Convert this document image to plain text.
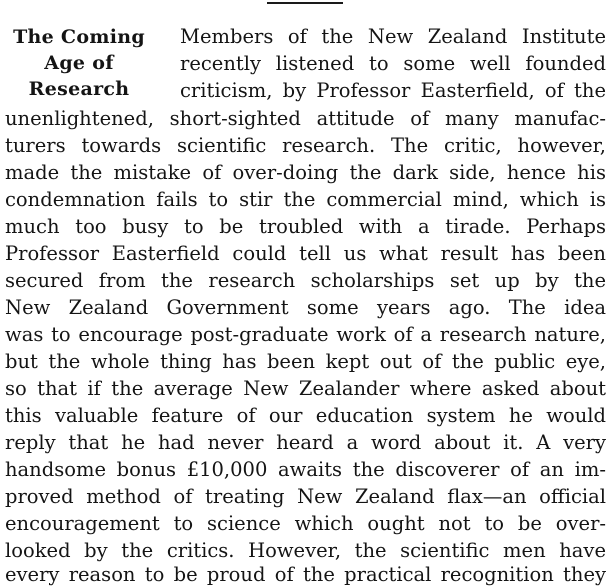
The Coming
Age of
Research
Members of the New Zealand Institute
recently listened to some well founded
criticism, by Professor Easterfield, of the
unenlightened, short-sighted attitude of many manufac-
turers towards scientific research. The critic, however,
made the mistake of over-doing the dark side, hence his
condemnation fails to stir the commercial mind, which is
much too busy to be troubled with a tirade. Perhaps
Professor Easterfield could tell us what result has been
secured from the research scholarships set up by the
New Zealand Government some years ago. The idea
was to encourage post-graduate work of a research nature,
but the whole thing has been kept out of the public eye,
so that if the average New Zealander where asked about
this valuable feature of our education system he would
reply that he had never heard a word about it. A very
handsome bonus £10,000 awaits the discoverer of an im-
proved method of treating New Zealand flax—an official
encouragement to science which ought not to be over-
looked by the critics. However, the scientific men have
every reason to be proud of the practical recognition they
